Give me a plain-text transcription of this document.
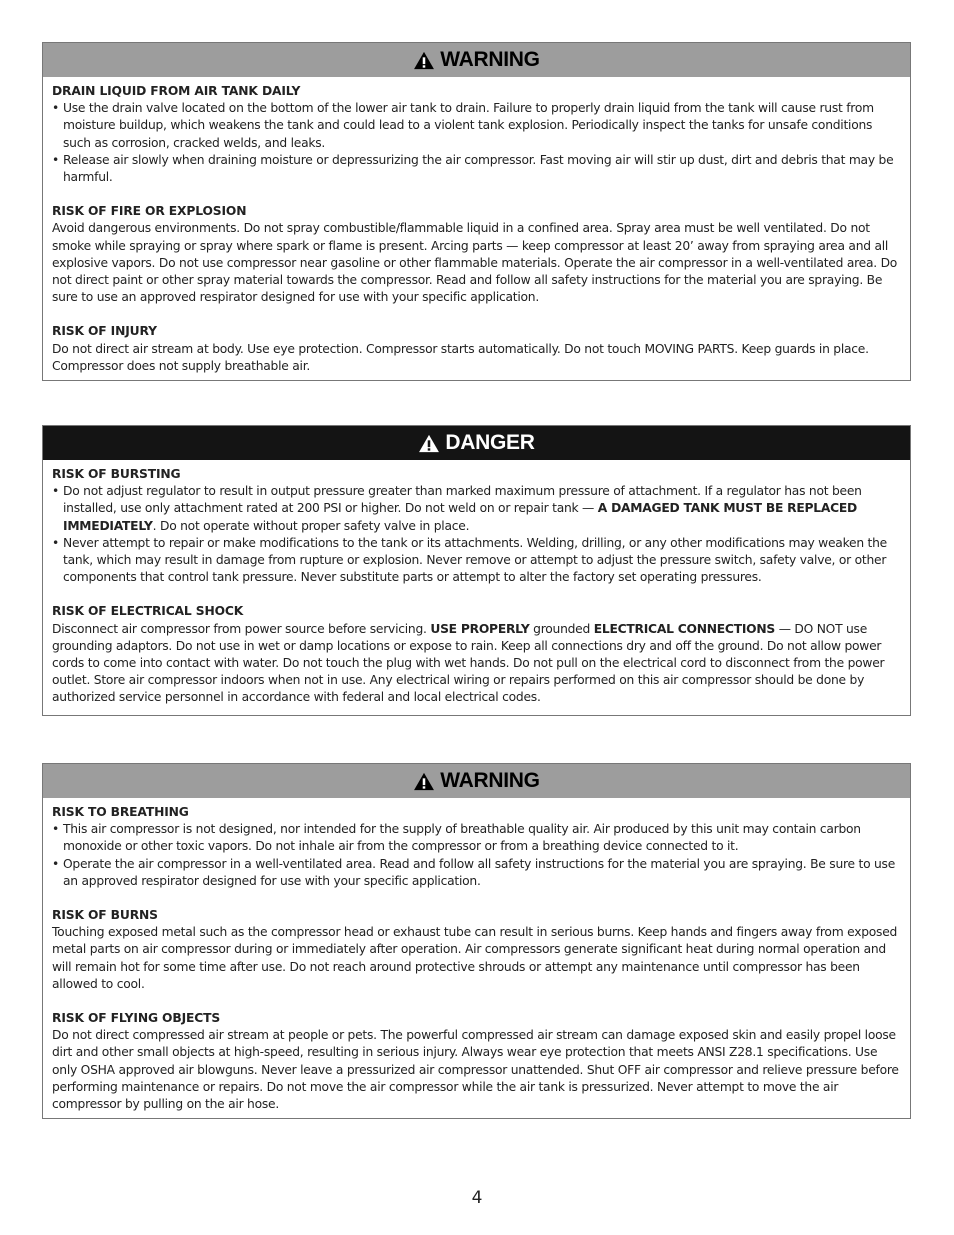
WARNING
DRAIN LIQUID FROM AIR TANK DAILY
• Use the drain valve located on the bottom of the lower air tank to drain. Failure to properly drain liquid from the tank will cause rust from moisture buildup, which weakens the tank and could lead to a violent tank explosion. Periodically inspect the tanks for unsafe conditions such as corrosion, cracked welds, and leaks.
• Release air slowly when draining moisture or depressurizing the air compressor. Fast moving air will stir up dust, dirt and debris that may be harmful.
RISK OF FIRE OR EXPLOSION
Avoid dangerous environments. Do not spray combustible/flammable liquid in a confined area. Spray area must be well ventilated. Do not smoke while spraying or spray where spark or flame is present. Arcing parts — keep compressor at least 20’ away from spraying area and all explosive vapors. Do not use compressor near gasoline or other flammable materials. Operate the air compressor in a well-ventilated area. Do not direct paint or other spray material towards the compressor. Read and follow all safety instructions for the material you are spraying. Be sure to use an approved respirator designed for use with your specific application.
RISK OF INJURY
Do not direct air stream at body. Use eye protection. Compressor starts automatically. Do not touch MOVING PARTS. Keep guards in place. Compressor does not supply breathable air.
DANGER
RISK OF BURSTING
• Do not adjust regulator to result in output pressure greater than marked maximum pressure of attachment. If a regulator has not been installed, use only attachment rated at 200 PSI or higher. Do not weld on or repair tank — A DAMAGED TANK MUST BE REPLACED IMMEDIATELY. Do not operate without proper safety valve in place.
• Never attempt to repair or make modifications to the tank or its attachments. Welding, drilling, or any other modifications may weaken the tank, which may result in damage from rupture or explosion. Never remove or attempt to adjust the pressure switch, safety valve, or other components that control tank pressure. Never substitute parts or attempt to alter the factory set operating pressures.
RISK OF ELECTRICAL SHOCK
Disconnect air compressor from power source before servicing. USE PROPERLY grounded ELECTRICAL CONNECTIONS — DO NOT use grounding adaptors. Do not use in wet or damp locations or expose to rain. Keep all connections dry and off the ground. Do not allow power cords to come into contact with water. Do not touch the plug with wet hands. Do not pull on the electrical cord to disconnect from the power outlet. Store air compressor indoors when not in use. Any electrical wiring or repairs performed on this air compressor should be done by authorized service personnel in accordance with federal and local electrical codes.
WARNING
RISK TO BREATHING
• This air compressor is not designed, nor intended for the supply of breathable quality air. Air produced by this unit may contain carbon monoxide or other toxic vapors. Do not inhale air from the compressor or from a breathing device connected to it.
• Operate the air compressor in a well-ventilated area. Read and follow all safety instructions for the material you are spraying. Be sure to use an approved respirator designed for use with your specific application.
RISK OF BURNS
Touching exposed metal such as the compressor head or exhaust tube can result in serious burns. Keep hands and fingers away from exposed metal parts on air compressor during or immediately after operation. Air compressors generate significant heat during normal operation and will remain hot for some time after use. Do not reach around protective shrouds or attempt any maintenance until compressor has been allowed to cool.
RISK OF FLYING OBJECTS
Do not direct compressed air stream at people or pets. The powerful compressed air stream can damage exposed skin and easily propel loose dirt and other small objects at high-speed, resulting in serious injury. Always wear eye protection that meets ANSI Z28.1 specifications. Use only OSHA approved air blowguns. Never leave a pressurized air compressor unattended. Shut OFF air compressor and relieve pressure before performing maintenance or repairs. Do not move the air compressor while the air tank is pressurized. Never attempt to move the air compressor by pulling on the air hose.
4
